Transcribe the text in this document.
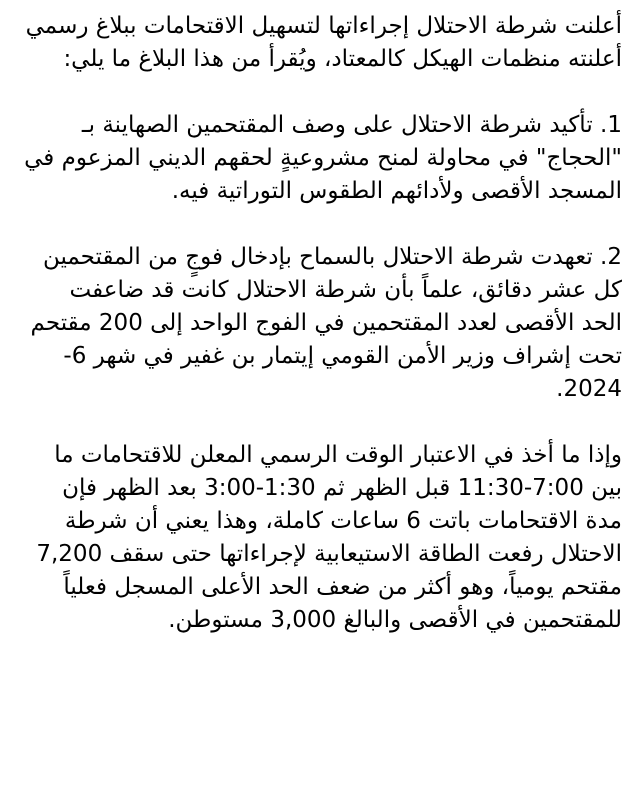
أعلنت شرطة الاحتلال إجراءاتها لتسهيل الاقتحامات ببلاغ رسمي أعلنته منظمات الهيكل كالمعتاد، ويُقرأ من هذا البلاغ ما يلي:

1. تأكيد شرطة الاحتلال على وصف المقتحمين الصهاينة بـ "الحجاج" في محاولة لمنح مشروعيةٍ لحقهم الديني المزعوم في المسجد الأقصى ولأدائهم الطقوس التوراتية فيه.

2. تعهدت شرطة الاحتلال بالسماح بإدخال فوجٍ من المقتحمين كل عشر دقائق، علماً بأن شرطة الاحتلال كانت قد ضاعفت الحد الأقصى لعدد المقتحمين في الفوج الواحد إلى 200 مقتحم تحت إشراف وزير الأمن القومي إيتمار بن غفير في شهر 6-2024.

وإذا ما أخذ في الاعتبار الوقت الرسمي المعلن للاقتحامات ما بين 7:00-11:30 قبل الظهر ثم 1:30-3:00 بعد الظهر فإن مدة الاقتحامات باتت 6 ساعات كاملة، وهذا يعني أن شرطة الاحتلال رفعت الطاقة الاستيعابية لإجراءاتها حتى سقف 7,200 مقتحم يومياً، وهو أكثر من ضعف الحد الأعلى المسجل فعلياً للمقتحمين في الأقصى والبالغ 3,000 مستوطن.
